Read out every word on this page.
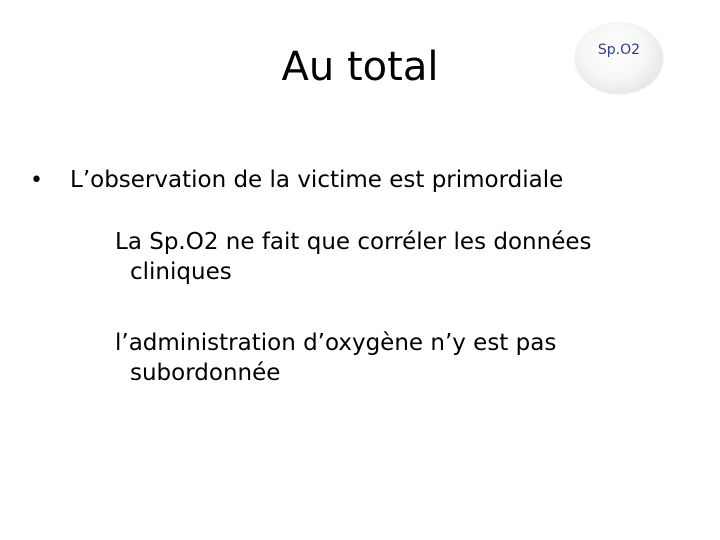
Au total	Sp.O2
•	L’observation de la victime est primordiale
La Sp.O2 ne fait que corréler les données
cliniques
l’administration d’oxygène n’y est pas
subordonnée
